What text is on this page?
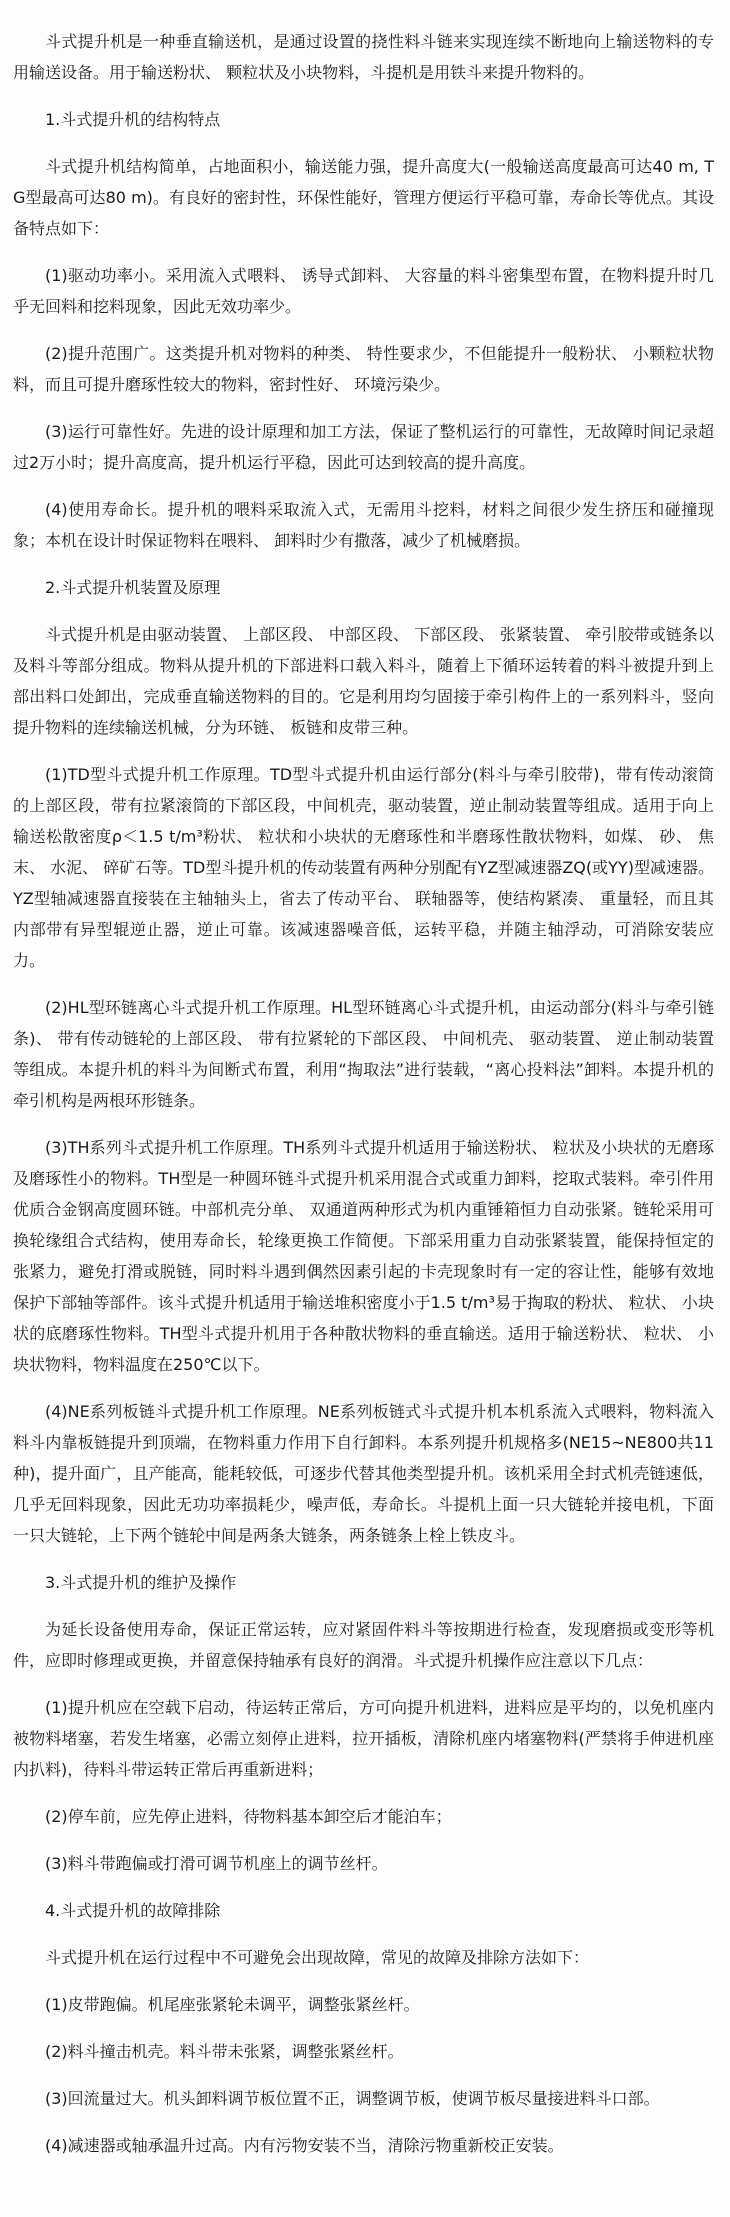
斗式提升机是一种垂直输送机，是通过设置的挠性料斗链来实现连续不断地向上输送物料的专用输送设备。用于输送粉状、 颗粒状及小块物料，斗提机是用铁斗来提升物料的。

1.斗式提升机的结构特点

斗式提升机结构简单，占地面积小，输送能力强，提升高度大(一般输送高度最高可达40 m, TG型最高可达80 m)。有良好的密封性，环保性能好，管理方便运行平稳可靠，寿命长等优点。其设备特点如下：

(1)驱动功率小。采用流入式喂料、 诱导式卸料、 大容量的料斗密集型布置，在物料提升时几乎无回料和挖料现象，因此无效功率少。

(2)提升范围广。这类提升机对物料的种类、 特性要求少，不但能提升一般粉状、 小颗粒状物料，而且可提升磨琢性较大的物料，密封性好、 环境污染少。

(3)运行可靠性好。先进的设计原理和加工方法，保证了整机运行的可靠性，无故障时间记录超过2万小时；提升高度高，提升机运行平稳，因此可达到较高的提升高度。

(4)使用寿命长。提升机的喂料采取流入式，无需用斗挖料，材料之间很少发生挤压和碰撞现象；本机在设计时保证物料在喂料、 卸料时少有撒落，减少了机械磨损。

2.斗式提升机装置及原理

斗式提升机是由驱动装置、 上部区段、 中部区段、 下部区段、 张紧装置、 牵引胶带或链条以及料斗等部分组成。物料从提升机的下部进料口载入料斗，随着上下循环运转着的料斗被提升到上部出料口处卸出，完成垂直输送物料的目的。它是利用均匀固接于牵引构件上的一系列料斗，竖向提升物料的连续输送机械，分为环链、 板链和皮带三种。

(1)TD型斗式提升机工作原理。TD型斗式提升机由运行部分(料斗与牵引胶带)，带有传动滚筒的上部区段，带有拉紧滚筒的下部区段，中间机壳，驱动装置，逆止制动装置等组成。适用于向上输送松散密度ρ＜1.5 t/m³粉状、 粒状和小块状的无磨琢性和半磨琢性散状物料，如煤、 砂、 焦末、 水泥、 碎矿石等。TD型斗提升机的传动装置有两种分别配有YZ型减速器ZQ(或YY)型减速器。YZ型轴减速器直接装在主轴轴头上，省去了传动平台、 联轴器等，使结构紧凑、 重量轻，而且其内部带有异型辊逆止器，逆止可靠。该减速器噪音低，运转平稳，并随主轴浮动，可消除安装应力。

(2)HL型环链离心斗式提升机工作原理。HL型环链离心斗式提升机，由运动部分(料斗与牵引链条)、 带有传动链轮的上部区段、 带有拉紧轮的下部区段、 中间机壳、 驱动装置、 逆止制动装置等组成。本提升机的料斗为间断式布置，利用“掏取法”进行装载，“离心投料法”卸料。本提升机的牵引机构是两根环形链条。

(3)TH系列斗式提升机工作原理。TH系列斗式提升机适用于输送粉状、 粒状及小块状的无磨琢及磨琢性小的物料。TH型是一种圆环链斗式提升机采用混合式或重力卸料，挖取式装料。牵引件用优质合金钢高度圆环链。中部机壳分单、 双通道两种形式为机内重锤箱恒力自动张紧。链轮采用可换轮缘组合式结构，使用寿命长，轮缘更换工作简便。下部采用重力自动张紧装置，能保持恒定的张紧力，避免打滑或脱链，同时料斗遇到偶然因素引起的卡壳现象时有一定的容让性，能够有效地保护下部轴等部件。该斗式提升机适用于输送堆积密度小于1.5 t/m³易于掏取的粉状、 粒状、 小块状的底磨琢性物料。TH型斗式提升机用于各种散状物料的垂直输送。适用于输送粉状、 粒状、 小块状物料，物料温度在250℃以下。

(4)NE系列板链斗式提升机工作原理。NE系列板链式斗式提升机本机系流入式喂料，物料流入料斗内靠板链提升到顶端，在物料重力作用下自行卸料。本系列提升机规格多(NE15~NE800共11种)，提升面广，且产能高，能耗较低，可逐步代替其他类型提升机。该机采用全封式机壳链速低，几乎无回料现象，因此无功功率损耗少，噪声低，寿命长。斗提机上面一只大链轮并接电机，下面一只大链轮，上下两个链轮中间是两条大链条，两条链条上栓上铁皮斗。

3.斗式提升机的维护及操作

为延长设备使用寿命，保证正常运转，应对紧固件料斗等按期进行检查，发现磨损或变形等机件，应即时修理或更换，并留意保持轴承有良好的润滑。斗式提升机操作应注意以下几点：

(1)提升机应在空载下启动，待运转正常后，方可向提升机进料，进料应是平均的，以免机座内被物料堵塞，若发生堵塞，必需立刻停止进料，拉开插板，清除机座内堵塞物料(严禁将手伸进机座内扒料)，待料斗带运转正常后再重新进料；

(2)停车前，应先停止进料，待物料基本卸空后才能泊车；

(3)料斗带跑偏或打滑可调节机座上的调节丝杆。

4.斗式提升机的故障排除

斗式提升机在运行过程中不可避免会出现故障，常见的故障及排除方法如下：

(1)皮带跑偏。机尾座张紧轮未调平，调整张紧丝杆。

(2)料斗撞击机壳。料斗带未张紧，调整张紧丝杆。

(3)回流量过大。机头卸料调节板位置不正，调整调节板，使调节板尽量接进料斗口部。

(4)减速器或轴承温升过高。内有污物安装不当，清除污物重新校正安装。
